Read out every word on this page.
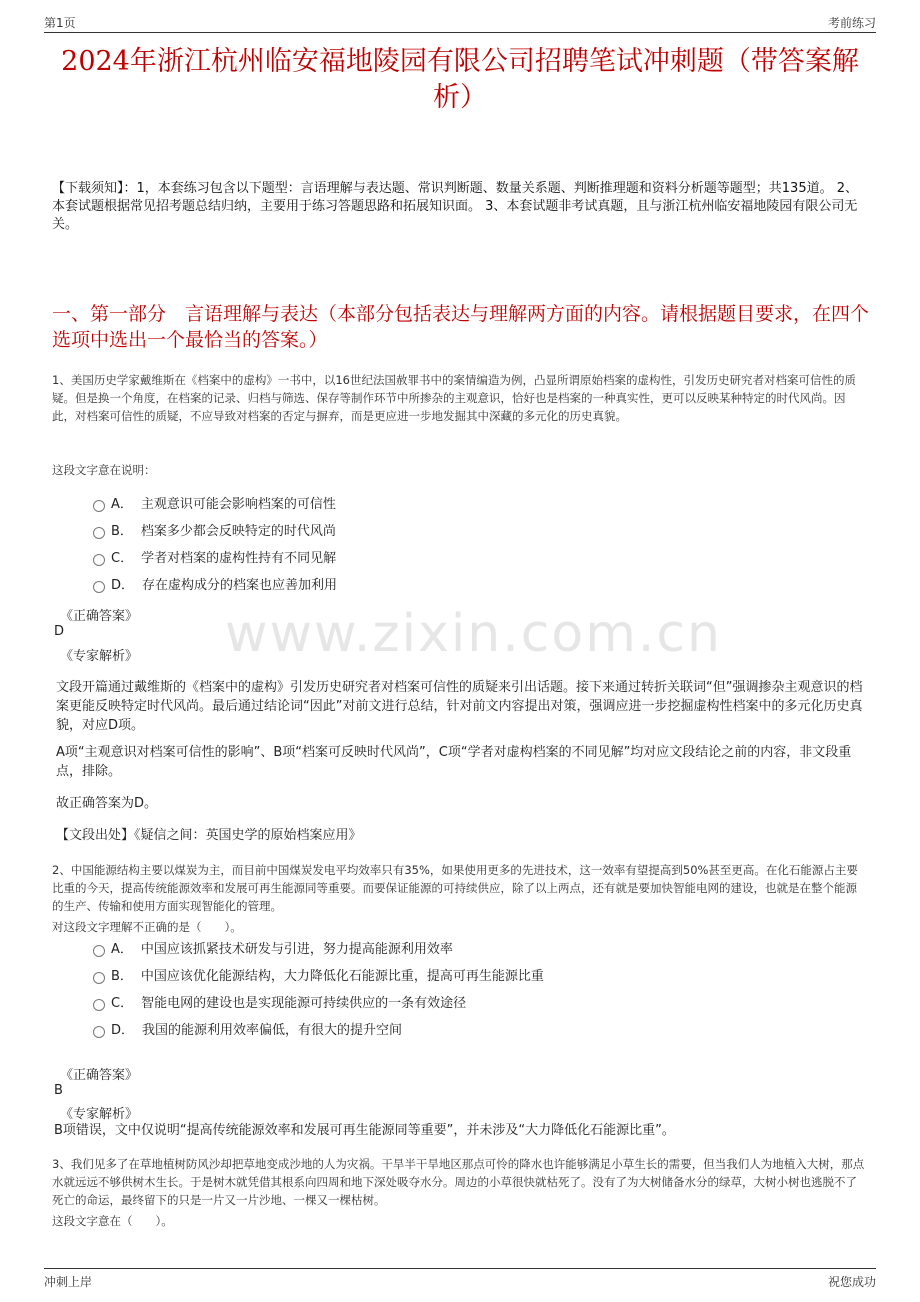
第1页	考前练习
2024年浙江杭州临安福地陵园有限公司招聘笔试冲刺题（带答案解析）
【下载须知】：1，本套练习包含以下题型：言语理解与表达题、常识判断题、数量关系题、判断推理题和资料分析题等题型；共135道。 2、本套试题根据常见招考题总结归纳，主要用于练习答题思路和拓展知识面。 3、本套试题非考试真题，且与浙江杭州临安福地陵园有限公司无关。
一、第一部分　言语理解与表达（本部分包括表达与理解两方面的内容。请根据题目要求，在四个选项中选出一个最恰当的答案。）
www.zixin.com.cn
1、美国历史学家戴维斯在《档案中的虚构》一书中，以16世纪法国赦罪书中的案情编造为例，凸显所谓原始档案的虚构性，引发历史研究者对档案可信性的质疑。但是换一个角度，在档案的记录、归档与筛选、保存等制作环节中所掺杂的主观意识，恰好也是档案的一种真实性，更可以反映某种特定的时代风尚。因此，对档案可信性的质疑，不应导致对档案的否定与摒弃，而是更应进一步地发掘其中深藏的多元化的历史真貌。
这段文字意在说明：
A． 主观意识可能会影响档案的可信性
B． 档案多少都会反映特定的时代风尚
C． 学者对档案的虚构性持有不同见解
D． 存在虚构成分的档案也应善加利用
《正确答案》
D
《专家解析》
文段开篇通过戴维斯的《档案中的虚构》引发历史研究者对档案可信性的质疑来引出话题。接下来通过转折关联词“但”强调掺杂主观意识的档案更能反映特定时代风尚。最后通过结论词“因此”对前文进行总结，针对前文内容提出对策，强调应进一步挖掘虚构性档案中的多元化历史真貌，对应D项。
A项“主观意识对档案可信性的影响”、B项“档案可反映时代风尚”，C项“学者对虚构档案的不同见解”均对应文段结论之前的内容，非文段重点，排除。
故正确答案为D。
【文段出处】《疑信之间：英国史学的原始档案应用》
2、中国能源结构主要以煤炭为主，而目前中国煤炭发电平均效率只有35%，如果使用更多的先进技术，这一效率有望提高到50%甚至更高。在化石能源占主要比重的今天，提高传统能源效率和发展可再生能源同等重要。而要保证能源的可持续供应，除了以上两点，还有就是要加快智能电网的建设，也就是在整个能源的生产、传输和使用方面实现智能化的管理。
对这段文字理解不正确的是（　　）。
A． 中国应该抓紧技术研发与引进，努力提高能源利用效率
B． 中国应该优化能源结构，大力降低化石能源比重，提高可再生能源比重
C． 智能电网的建设也是实现能源可持续供应的一条有效途径
D． 我国的能源利用效率偏低，有很大的提升空间
《正确答案》
B
《专家解析》
B项错误，文中仅说明“提高传统能源效率和发展可再生能源同等重要”，并未涉及“大力降低化石能源比重”。
3、我们见多了在草地植树防风沙却把草地变成沙地的人为灾祸。干旱半干旱地区那点可怜的降水也许能够满足小草生长的需要，但当我们人为地植入大树，那点水就远远不够供树木生长。于是树木就凭借其根系向四周和地下深处吸夺水分。周边的小草很快就枯死了。没有了为大树储备水分的绿草，大树小树也逃脱不了死亡的命运，最终留下的只是一片又一片沙地、一棵又一棵枯树。
这段文字意在（　　）。
冲刺上岸	祝您成功
